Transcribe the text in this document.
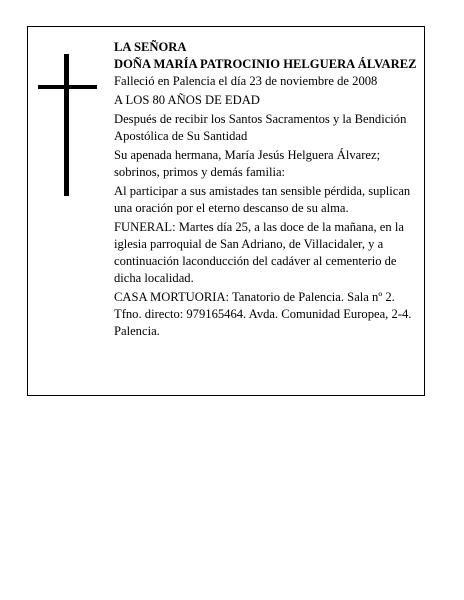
LA SEÑORA
DOÑA MARÍA PATROCINIO HELGUERA ÁLVAREZ

Falleció en Palencia el día 23 de noviembre de 2008

A LOS 80 AÑOS DE EDAD

Después de recibir los Santos Sacramentos y la Bendición Apostólica de Su Santidad

Su apenada hermana, María Jesús Helguera Álvarez; sobrinos, primos y demás familia:

Al participar a sus amistades tan sensible pérdida, suplican una oración por el eterno descanso de su alma.

FUNERAL: Martes día 25, a las doce de la mañana, en la iglesia parroquial de San Adriano, de Villacidaler, y a continuación laconducción del cadáver al cementerio de dicha localidad.

CASA MORTUORIA: Tanatorio de Palencia. Sala nº 2. Tfno. directo: 979165464. Avda. Comunidad Europea, 2-4. Palencia.
